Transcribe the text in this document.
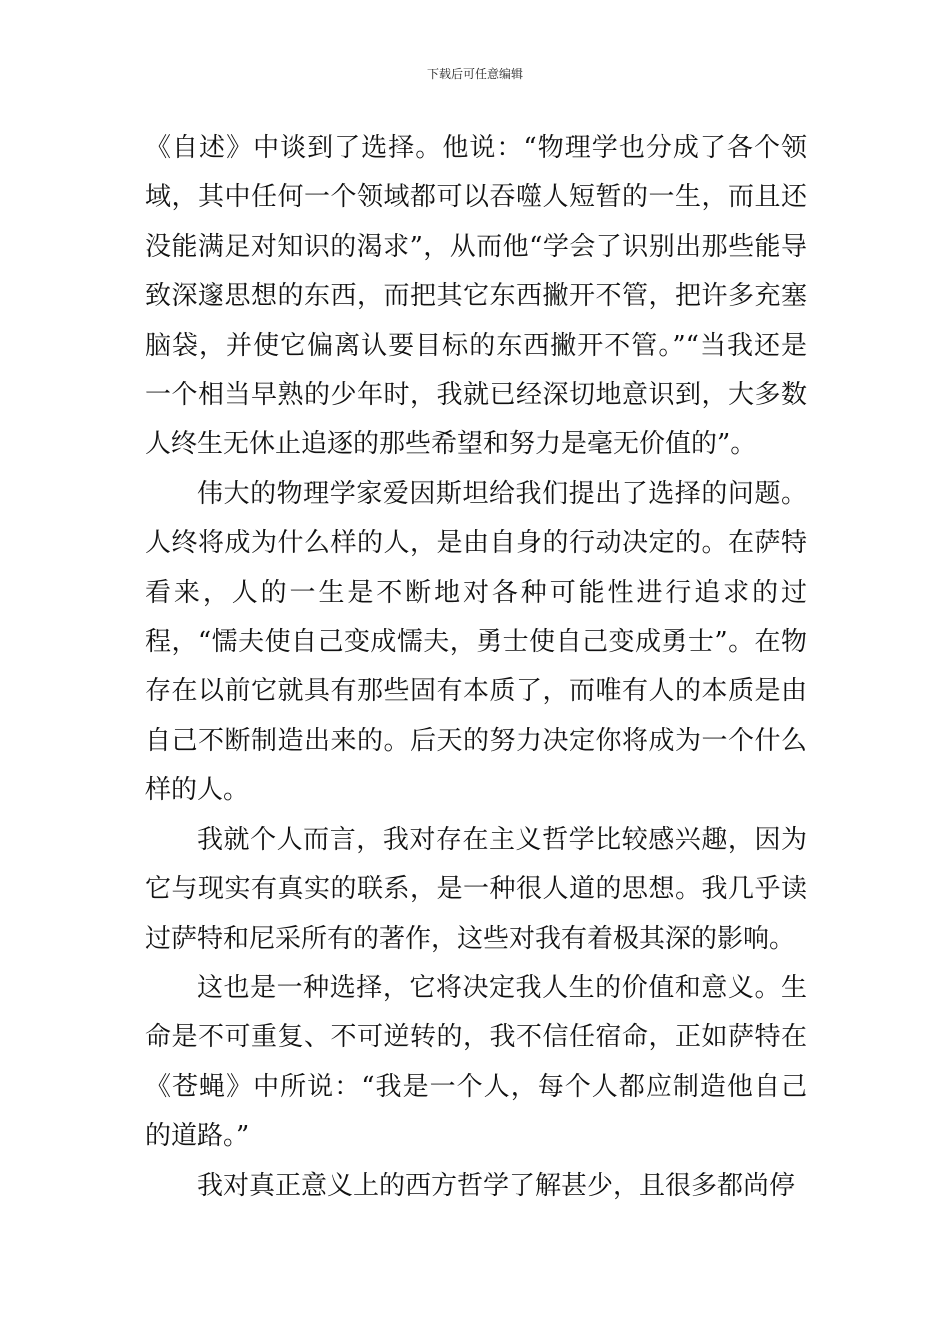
下载后可任意编辑

《自述》中谈到了选择。他说：“物理学也分成了各个领域，其中任何一个领域都可以吞噬人短暂的一生，而且还没能满足对知识的渴求”，从而他“学会了识别出那些能导致深邃思想的东西，而把其它东西撇开不管，把许多充塞脑袋，并使它偏离认要目标的东西撇开不管。”“当我还是一个相当早熟的少年时，我就已经深切地意识到，大多数人终生无休止追逐的那些希望和努力是毫无价值的”。

伟大的物理学家爱因斯坦给我们提出了选择的问题。人终将成为什么样的人，是由自身的行动决定的。在萨特看来，人的一生是不断地对各种可能性进行追求的过程，“懦夫使自己变成懦夫，勇士使自己变成勇士”。在物存在以前它就具有那些固有本质了，而唯有人的本质是由自己不断制造出来的。后天的努力决定你将成为一个什么样的人。

我就个人而言，我对存在主义哲学比较感兴趣，因为它与现实有真实的联系，是一种很人道的思想。我几乎读过萨特和尼采所有的著作，这些对我有着极其深的影响。

这也是一种选择，它将决定我人生的价值和意义。生命是不可重复、不可逆转的，我不信任宿命，正如萨特在《苍蝇》中所说：“我是一个人，每个人都应制造他自己的道路。”

我对真正意义上的西方哲学了解甚少，且很多都尚停
